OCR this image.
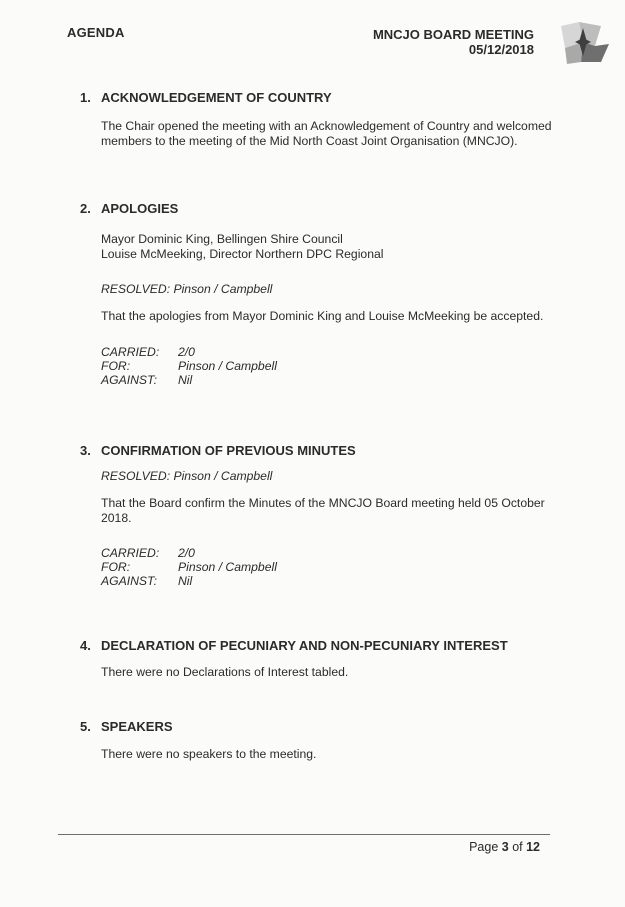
AGENDA	MNCJO BOARD MEETING
05/12/2018
1. ACKNOWLEDGEMENT OF COUNTRY
The Chair opened the meeting with an Acknowledgement of Country and welcomed
members to the meeting of the Mid North Coast Joint Organisation (MNCJO).
2. APOLOGIES
Mayor Dominic King, Bellingen Shire Council
Louise McMeeking, Director Northern DPC Regional
RESOLVED: Pinson / Campbell
That the apologies from Mayor Dominic King and Louise McMeeking be accepted.
CARRIED:	2/0
FOR:	Pinson / Campbell
AGAINST:	Nil
3. CONFIRMATION OF PREVIOUS MINUTES
RESOLVED: Pinson / Campbell
That the Board confirm the Minutes of the MNCJO Board meeting held 05 October
2018.
CARRIED:	2/0
FOR:	Pinson / Campbell
AGAINST:	Nil
4. DECLARATION OF PECUNIARY AND NON-PECUNIARY INTEREST
There were no Declarations of Interest tabled.
5. SPEAKERS
There were no speakers to the meeting.
Page 3 of 12
